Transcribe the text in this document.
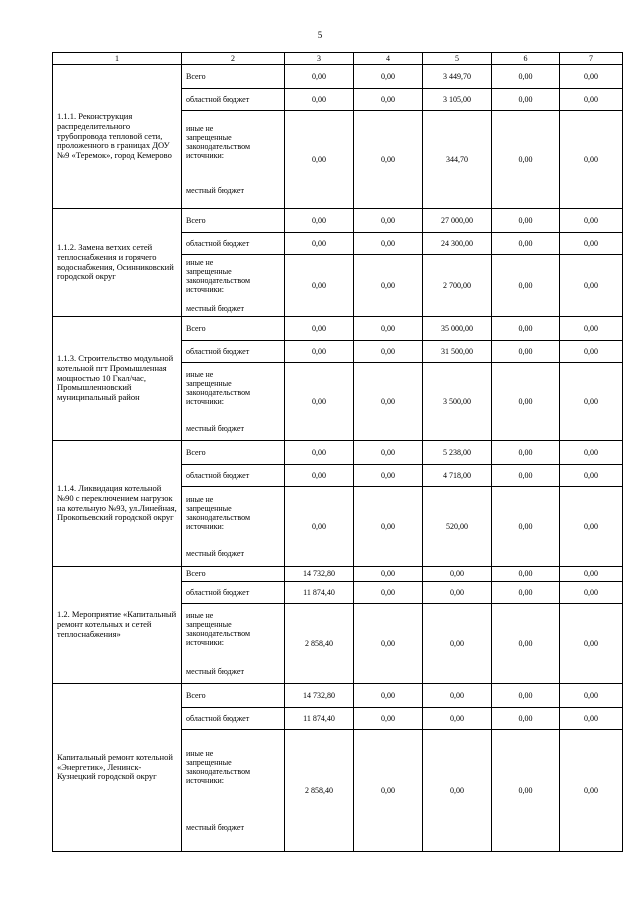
5
1	2	3	4	5	6	7
1.1.1. Реконструкция распределительного трубопровода тепловой сети, проложенного в границах ДОУ №9 «Теремок», город Кемерово	Всего	0,00	0,00	3 449,70	0,00	0,00
	областной бюджет	0,00	0,00	3 105,00	0,00	0,00

	иные не
запрещенные
законодательством
источники:
местный бюджет	0,00	0,00	344,70	0,00	0,00
1.1.2. Замена ветхих сетей теплоснабжения и горячего водоснабжения, Осинниковский городской округ	Всего	0,00	0,00	27 000,00	0,00	0,00
	областной бюджет	0,00	0,00	24 300,00	0,00	0,00

	иные не
запрещенные
законодательством
источники:
местный бюджет	0,00	0,00	2 700,00	0,00	0,00
1.1.3. Строительство модульной котельной пгт Промышленная мощностью 10 Гкал/час, Промышленновский муниципальный район	Всего	0,00	0,00	35 000,00	0,00	0,00
	областной бюджет	0,00	0,00	31 500,00	0,00	0,00

	иные не
запрещенные
законодательством
источники:
местный бюджет	0,00	0,00	3 500,00	0,00	0,00
1.1.4. Ликвидация котельной №90 с переключением нагрузок на котельную №93, ул.Линейная, Прокопьевский городской округ	Всего	0,00	0,00	5 238,00	0,00	0,00
	областной бюджет	0,00	0,00	4 718,00	0,00	0,00

	иные не
запрещенные
законодательством
источники:
местный бюджет	0,00	0,00	520,00	0,00	0,00
1.2. Мероприятие «Капитальный ремонт котельных и сетей теплоснабжения»	Всего	14 732,80	0,00	0,00	0,00	0,00
	областной бюджет	11 874,40	0,00	0,00	0,00	0,00

	иные не
запрещенные
законодательством
источники:
местный бюджет	2 858,40	0,00	0,00	0,00	0,00
Капитальный ремонт котельной «Энергетик», Ленинск-Кузнецкий городской округ	Всего	14 732,80	0,00	0,00	0,00	0,00
	областной бюджет	11 874,40	0,00	0,00	0,00	0,00

	иные не
запрещенные
законодательством
источники:
местный бюджет	2 858,40	0,00	0,00	0,00	0,00
